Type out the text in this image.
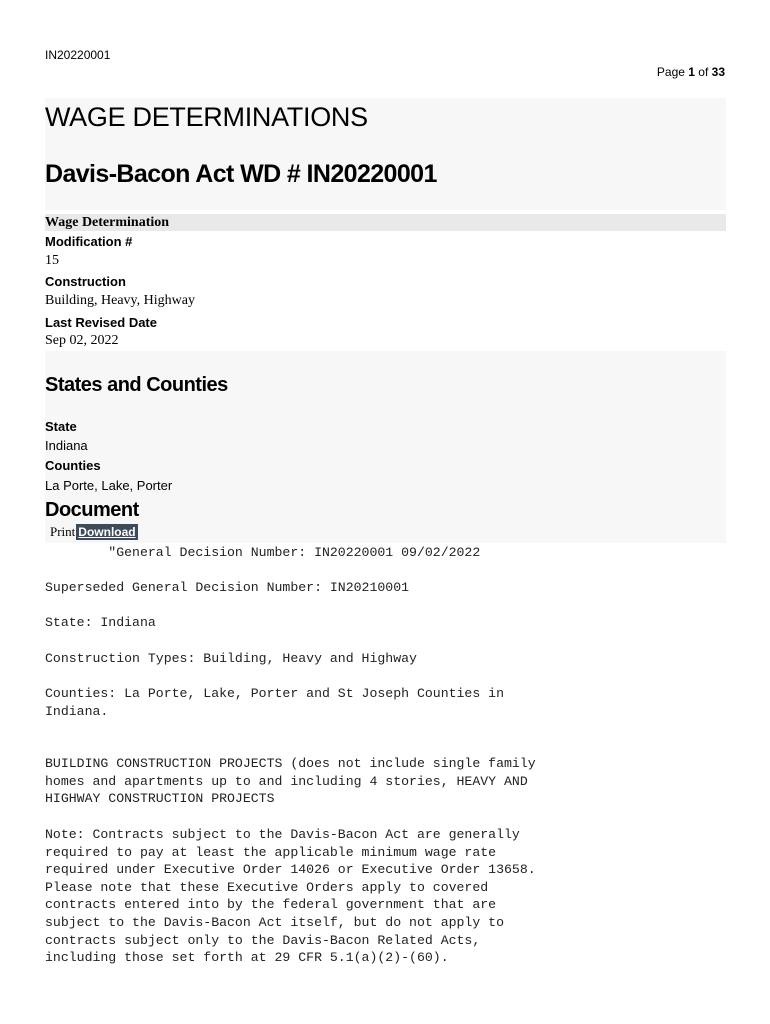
IN20220001
Page 1 of 33
WAGE DETERMINATIONS
Davis-Bacon Act WD # IN20220001
Wage Determination
Modification #
15
Construction
Building, Heavy, Highway
Last Revised Date
Sep 02, 2022
States and Counties
State
Indiana
Counties
La Porte, Lake, Porter
Document
Print Download
"General Decision Number: IN20220001 09/02/2022
Superseded General Decision Number: IN20210001
State: Indiana
Construction Types: Building, Heavy and Highway
Counties: La Porte, Lake, Porter and St Joseph Counties in
Indiana.
BUILDING CONSTRUCTION PROJECTS (does not include single family
homes and apartments up to and including 4 stories, HEAVY AND
HIGHWAY CONSTRUCTION PROJECTS
Note: Contracts subject to the Davis-Bacon Act are generally
required to pay at least the applicable minimum wage rate
required under Executive Order 14026 or Executive Order 13658.
Please note that these Executive Orders apply to covered
contracts entered into by the federal government that are
subject to the Davis-Bacon Act itself, but do not apply to
contracts subject only to the Davis-Bacon Related Acts,
including those set forth at 29 CFR 5.1(a)(2)-(60).
